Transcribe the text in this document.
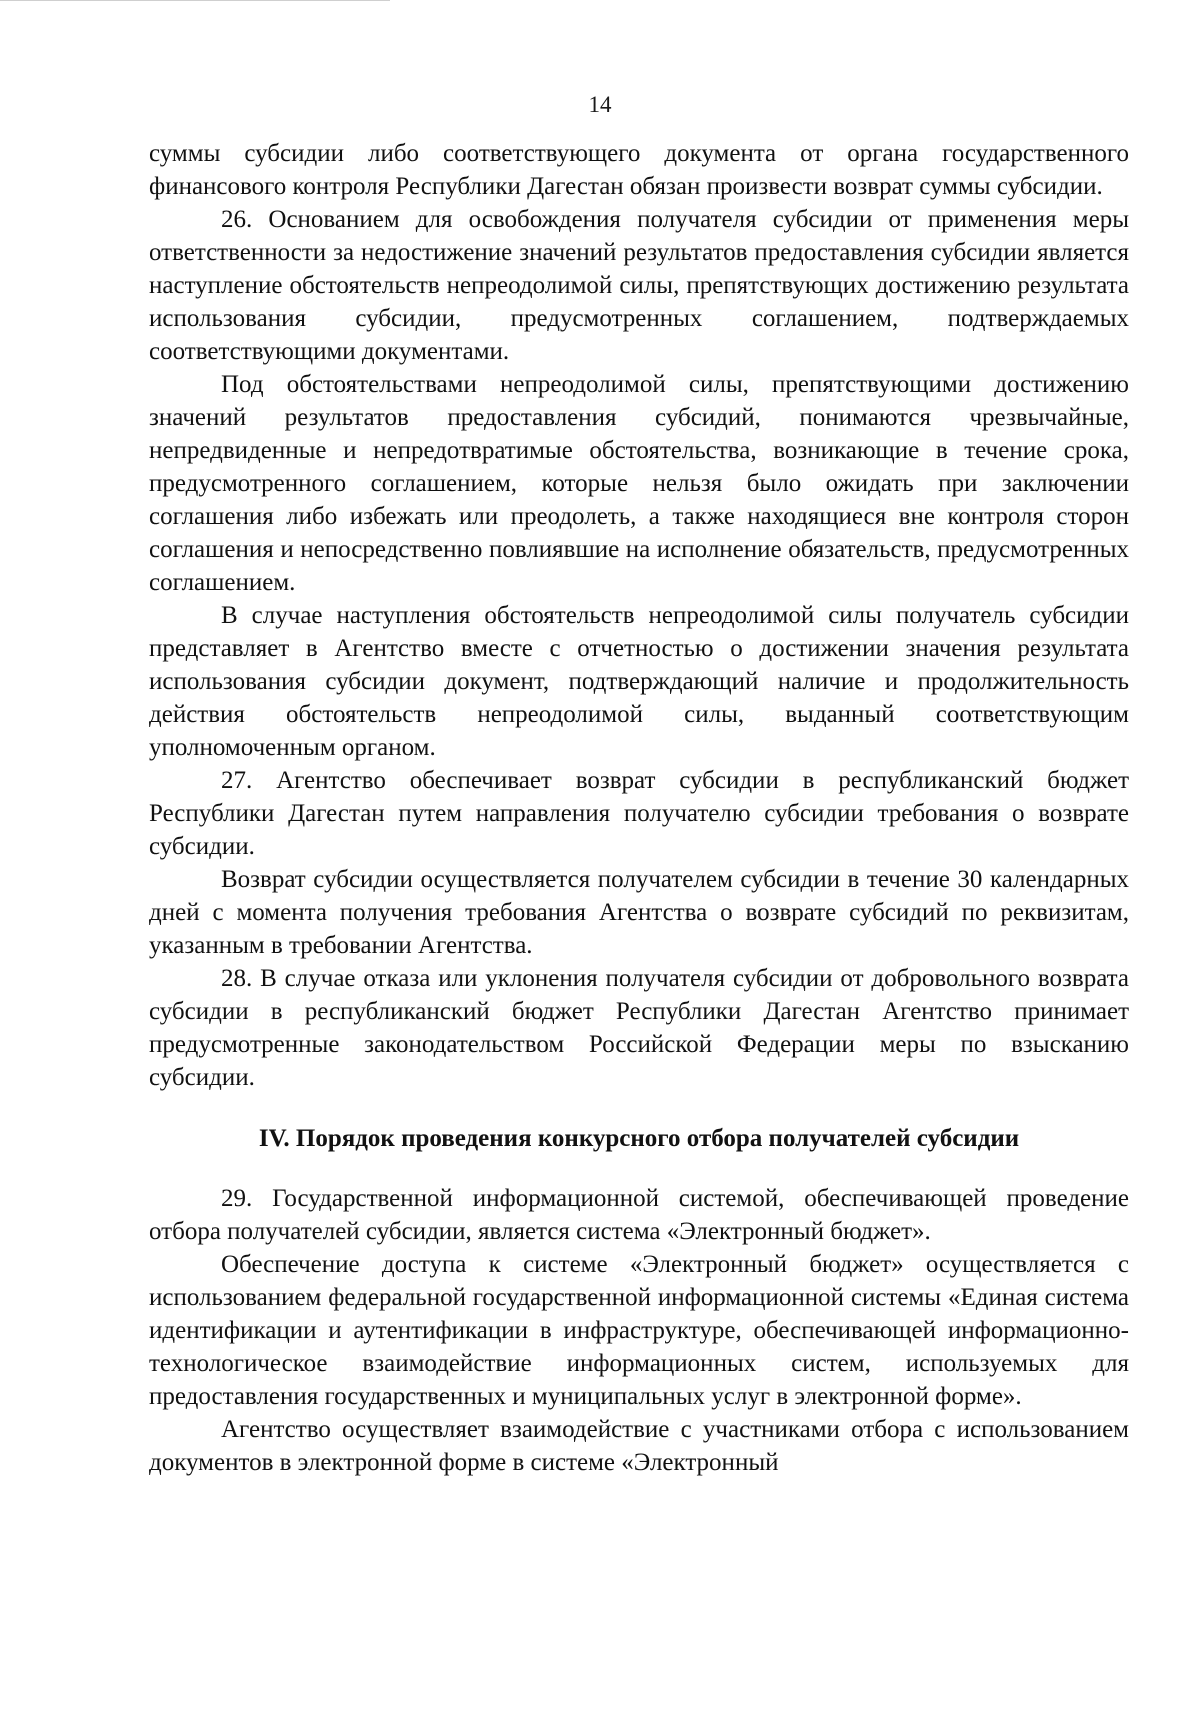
14

суммы субсидии либо соответствующего документа от органа государственного финансового контроля Республики Дагестан обязан произвести возврат суммы субсидии.

26. Основанием для освобождения получателя субсидии от применения меры ответственности за недостижение значений результатов предоставления субсидии является наступление обстоятельств непреодолимой силы, препятствующих достижению результата использования субсидии, предусмотренных соглашением, подтверждаемых соответствующими документами.

Под обстоятельствами непреодолимой силы, препятствующими достижению значений результатов предоставления субсидий, понимаются чрезвычайные, непредвиденные и непредотвратимые обстоятельства, возникающие в течение срока, предусмотренного соглашением, которые нельзя было ожидать при заключении соглашения либо избежать или преодолеть, а также находящиеся вне контроля сторон соглашения и непосредственно повлиявшие на исполнение обязательств, предусмотренных соглашением.

В случае наступления обстоятельств непреодолимой силы получатель субсидии представляет в Агентство вместе с отчетностью о достижении значения результата использования субсидии документ, подтверждающий наличие и продолжительность действия обстоятельств непреодолимой силы, выданный соответствующим уполномоченным органом.

27. Агентство обеспечивает возврат субсидии в республиканский бюджет Республики Дагестан путем направления получателю субсидии требования о возврате субсидии.

Возврат субсидии осуществляется получателем субсидии в течение 30 календарных дней с момента получения требования Агентства о возврате субсидий по реквизитам, указанным в требовании Агентства.

28. В случае отказа или уклонения получателя субсидии от добровольного возврата субсидии в республиканский бюджет Республики Дагестан Агентство принимает предусмотренные законодательством Российской Федерации меры по взысканию субсидии.

IV. Порядок проведения конкурсного отбора получателей субсидии

29. Государственной информационной системой, обеспечивающей проведение отбора получателей субсидии, является система «Электронный бюджет».

Обеспечение доступа к системе «Электронный бюджет» осуществляется с использованием федеральной государственной информационной системы «Единая система идентификации и аутентификации в инфраструктуре, обеспечивающей информационно-технологическое взаимодействие информационных систем, используемых для предоставления государственных и муниципальных услуг в электронной форме».

Агентство осуществляет взаимодействие с участниками отбора с использованием документов в электронной форме в системе «Электронный
